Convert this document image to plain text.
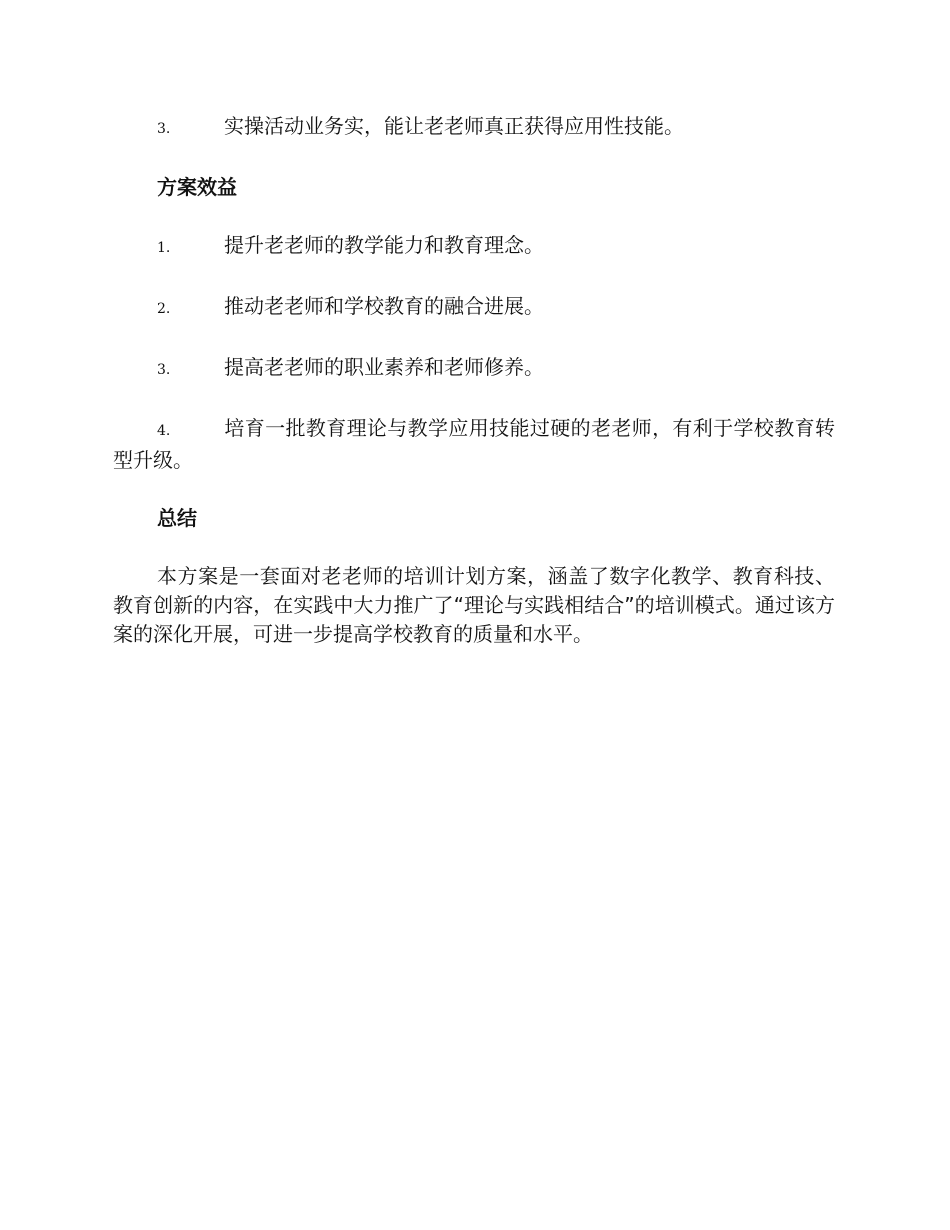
3.	实操活动业务实，能让老老师真正获得应用性技能。

方案效益

1.	提升老老师的教学能力和教育理念。

2.	推动老老师和学校教育的融合进展。

3.	提高老老师的职业素养和老师修养。

4.	培育一批教育理论与教学应用技能过硬的老老师，有利于学校教育转型升级。

总结

本方案是一套面对老老师的培训计划方案，涵盖了数字化教学、教育科技、教育创新的内容，在实践中大力推广了“理论与实践相结合”的培训模式。通过该方案的深化开展，可进一步提高学校教育的质量和水平。
